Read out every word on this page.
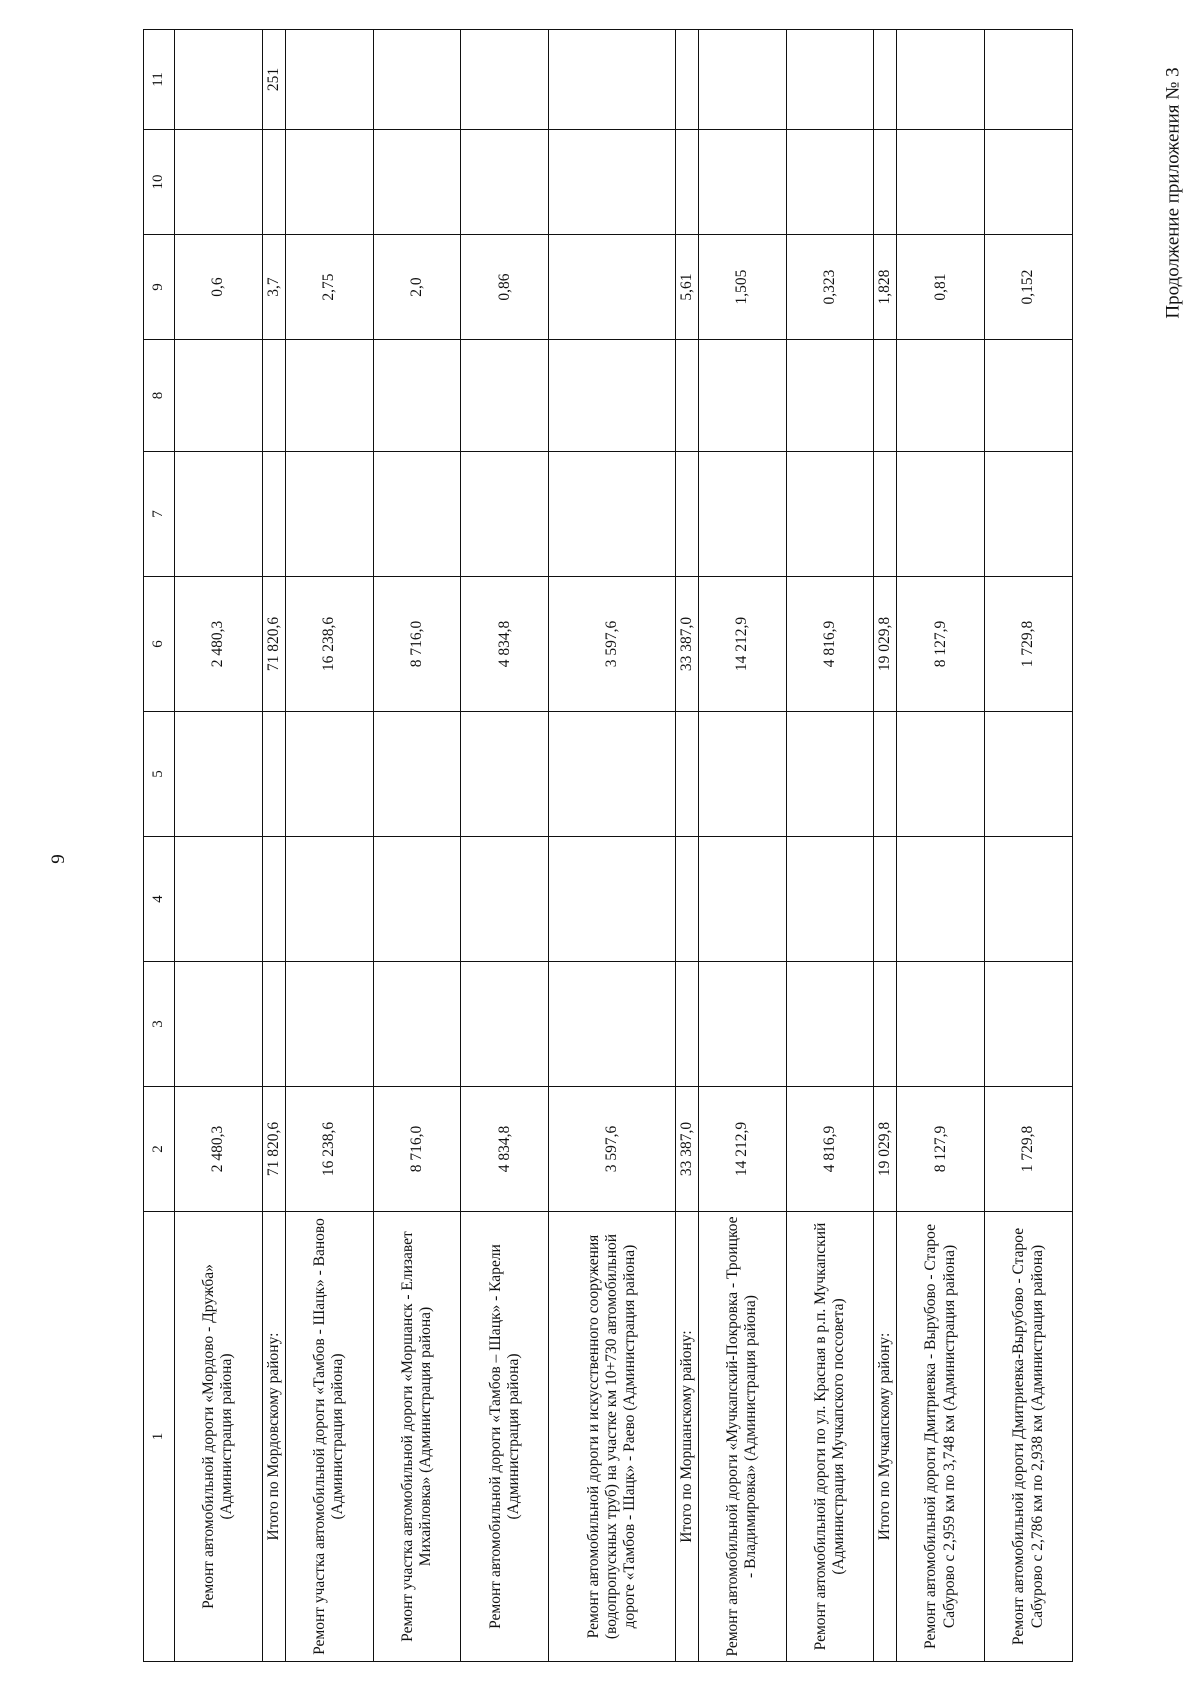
9
Продолжение приложения № 3
1	2	3	4	5	6	7	8	9	10	11
Ремонт автомобильной дороги «Мордово - Дружба» (Администрация района)	2 480,3				2 480,3			0,6		
Итого по Мордовскому району:	71 820,6				71 820,6			3,7		251
Ремонт участка автомобильной дороги «Тамбов - Шацк» - Ваново (Администрация района)	16 238,6				16 238,6			2,75		
Ремонт участка автомобильной дороги «Моршанск - Елизавет Михайловка» (Администрация района)	8 716,0				8 716,0			2,0		
Ремонт автомобильной дороги «Тамбов – Шацк» - Карели (Администрация района)	4 834,8				4 834,8			0,86		
Ремонт автомобильной дороги и искусственного сооружения (водопропускных труб) на участке км 10+730 автомобильной дороге «Тамбов - Шацк» - Раево (Администрация района)	3 597,6				3 597,6					
Итого по Моршанскому району:	33 387,0				33 387,0			5,61		
Ремонт автомобильной дороги «Мучкапский-Покровка - Троицкое - Владимировка» (Администрация района)	14 212,9				14 212,9			1,505		
Ремонт автомобильной дороги по ул. Красная в р.п. Мучкапский (Администрация Мучкапского поссовета)	4 816,9				4 816,9			0,323		
Итого по Мучкапскому району:	19 029,8				19 029,8			1,828		
Ремонт автомобильной дороги Дмитриевка - Вырубово - Старое Сабурово с 2,959 км по 3,748 км (Администрация района)	8 127,9				8 127,9			0,81		
Ремонт автомобильной дороги Дмитриевка-Вырубово - Старое Сабурово с 2,786 км по 2,938 км (Администрация района)	1 729,8				1 729,8			0,152		
